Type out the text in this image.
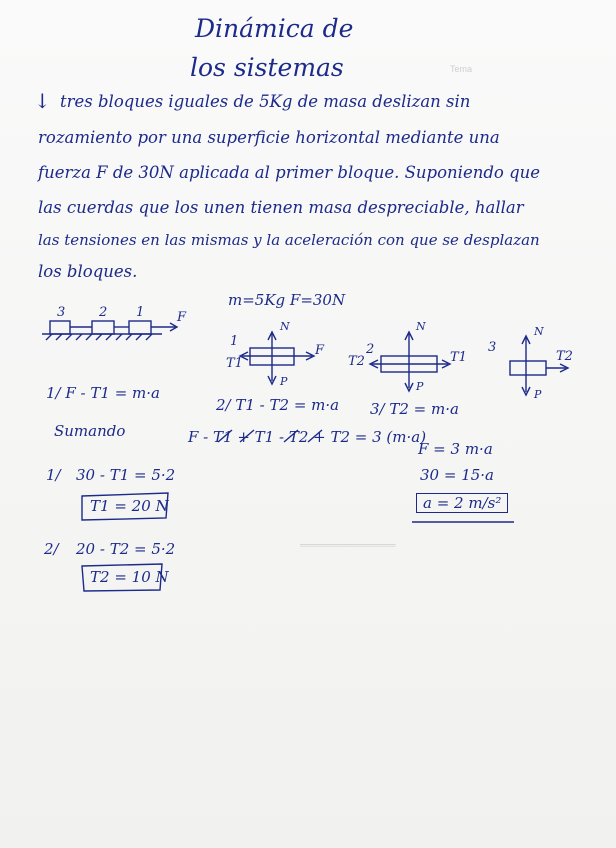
Tema
═══════════════
Dinámica de
los sistemas
↓ tres bloques iguales de 5Kg de masa deslizan sin
rozamiento por una superficie horizontal mediante una
fuerza F de 30N aplicada al primer bloque. Suponiendo que
las cuerdas que los unen tienen masa despreciable, hallar
las tensiones en las mismas y la aceleración con que se desplazan
los bloques.
3	2 1	F
m=5Kg F=30N
1
N
P
T1
F	2
N
P
T2	T1
3
N
P
T2
1/ F - T1 = m·a
2/ T1 - T2 = m·a 3/ T2 = m·a
Sumando	F - T1 + T1 - T2 + T2 = 3 (m·a)
F = 3 m·a
30 = 15·a
a = 2 m/s²
1/ 30 - T1 = 5·2
T1 = 20 N
2/ 20 - T2 = 5·2
T2 = 10 N
